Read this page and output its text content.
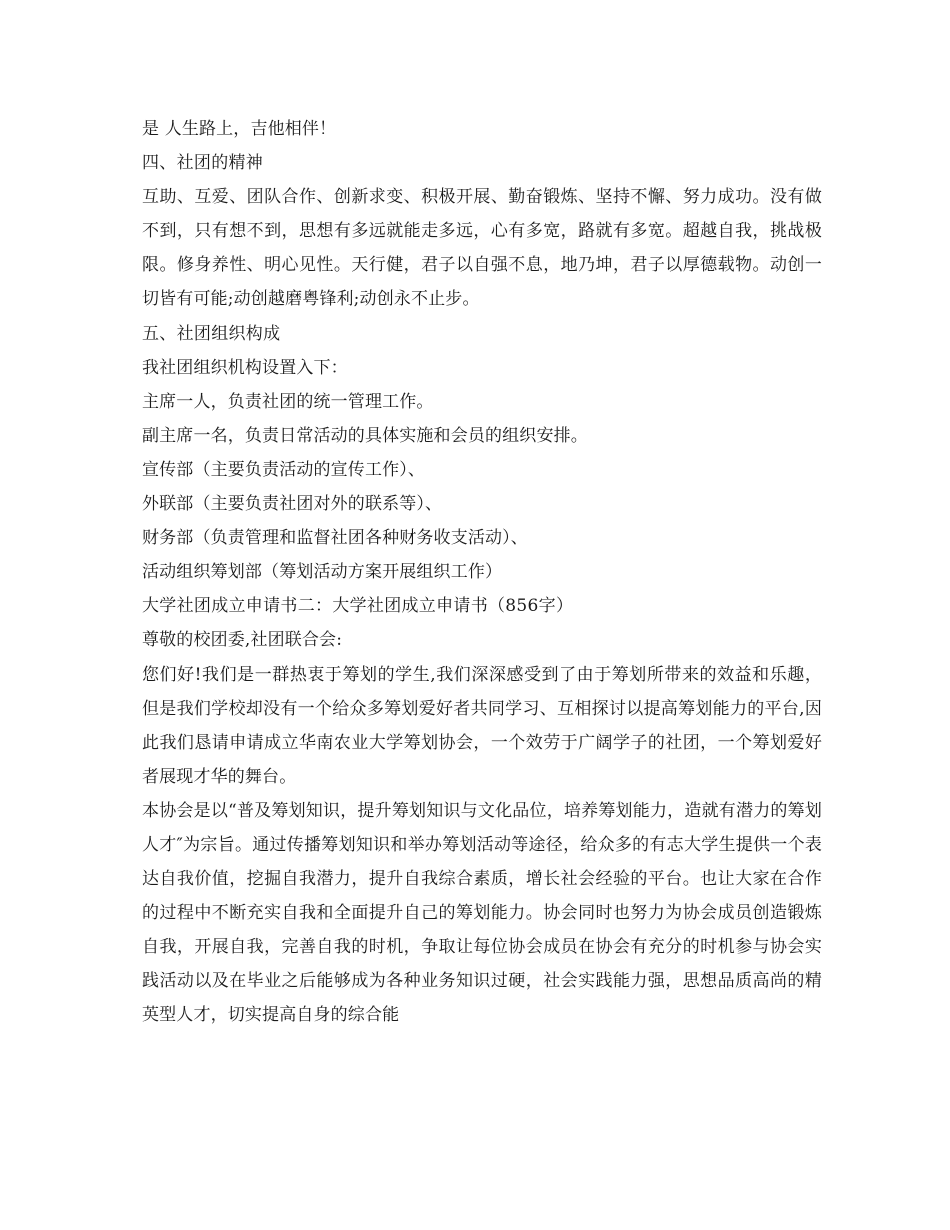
是 人生路上，吉他相伴！

四、社团的精神

互助、互爱、团队合作、创新求变、积极开展、勤奋锻炼、坚持不懈、努力成功。没有做不到，只有想不到，思想有多远就能走多远，心有多宽，路就有多宽。超越自我，挑战极限。修身养性、明心见性。天行健，君子以自强不息，地乃坤，君子以厚德载物。动创一切皆有可能;动创越磨粤锋利;动创永不止步。

五、社团组织构成

我社团组织机构设置入下：

主席一人，负责社团的统一管理工作。

副主席一名，负责日常活动的具体实施和会员的组织安排。

宣传部（主要负责活动的宣传工作）、

外联部（主要负责社团对外的联系等）、

财务部（负责管理和监督社团各种财务收支活动）、

活动组织筹划部（筹划活动方案开展组织工作）

大学社团成立申请书二：大学社团成立申请书（856字）

尊敬的校团委,社团联合会:

您们好!我们是一群热衷于筹划的学生,我们深深感受到了由于筹划所带来的效益和乐趣，但是我们学校却没有一个给众多筹划爱好者共同学习、互相探讨以提高筹划能力的平台,因此我们恳请申请成立华南农业大学筹划协会，一个效劳于广阔学子的社团，一个筹划爱好者展现才华的舞台。

本协会是以“普及筹划知识，提升筹划知识与文化品位，培养筹划能力，造就有潜力的筹划人才″为宗旨。通过传播筹划知识和举办筹划活动等途径，给众多的有志大学生提供一个表达自我价值，挖掘自我潜力，提升自我综合素质，增长社会经验的平台。也让大家在合作的过程中不断充实自我和全面提升自己的筹划能力。协会同时也努力为协会成员创造锻炼自我，开展自我，完善自我的时机，争取让每位协会成员在协会有充分的时机参与协会实践活动以及在毕业之后能够成为各种业务知识过硬，社会实践能力强，思想品质高尚的精英型人才，切实提高自身的综合能
